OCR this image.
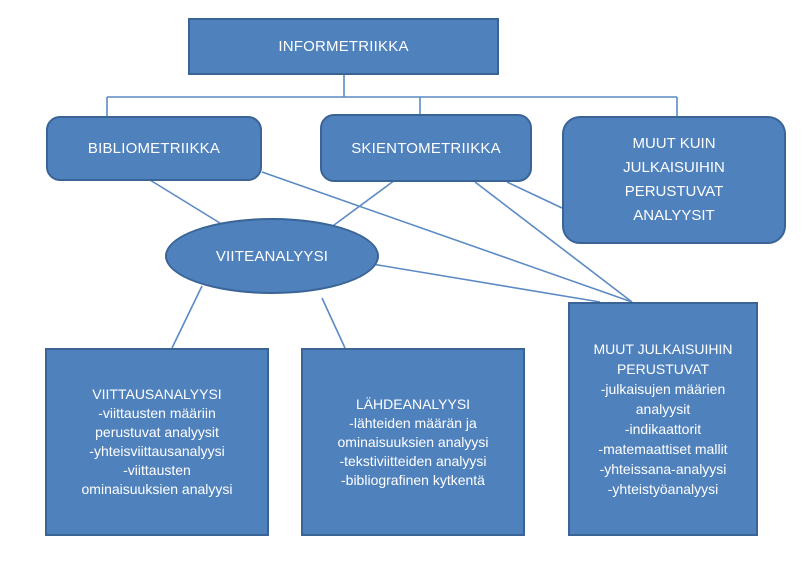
INFORMETRIIKKA
BIBLIOMETRIIKKA	SKIENTOMETRIIKKA	MUUT KUIN
JULKAISUIHIN
PERUSTUVAT
ANALYYSIT
VIITEANALYYSI
VIITTAUSANALYYSI
-viittausten määriin
perustuvat analyysit
-yhteisviittausanalyysi
-viittausten
ominaisuuksien analyysi
LÄHDEANALYYSI
-lähteiden määrän ja
ominaisuuksien analyysi
-tekstiviitteiden analyysi
-bibliografinen kytkentä
MUUT JULKAISUIHIN
PERUSTUVAT
-julkaisujen määrien
analyysit
-indikaattorit
-matemaattiset mallit
-yhteissana-analyysi
-yhteistyöanalyysi
